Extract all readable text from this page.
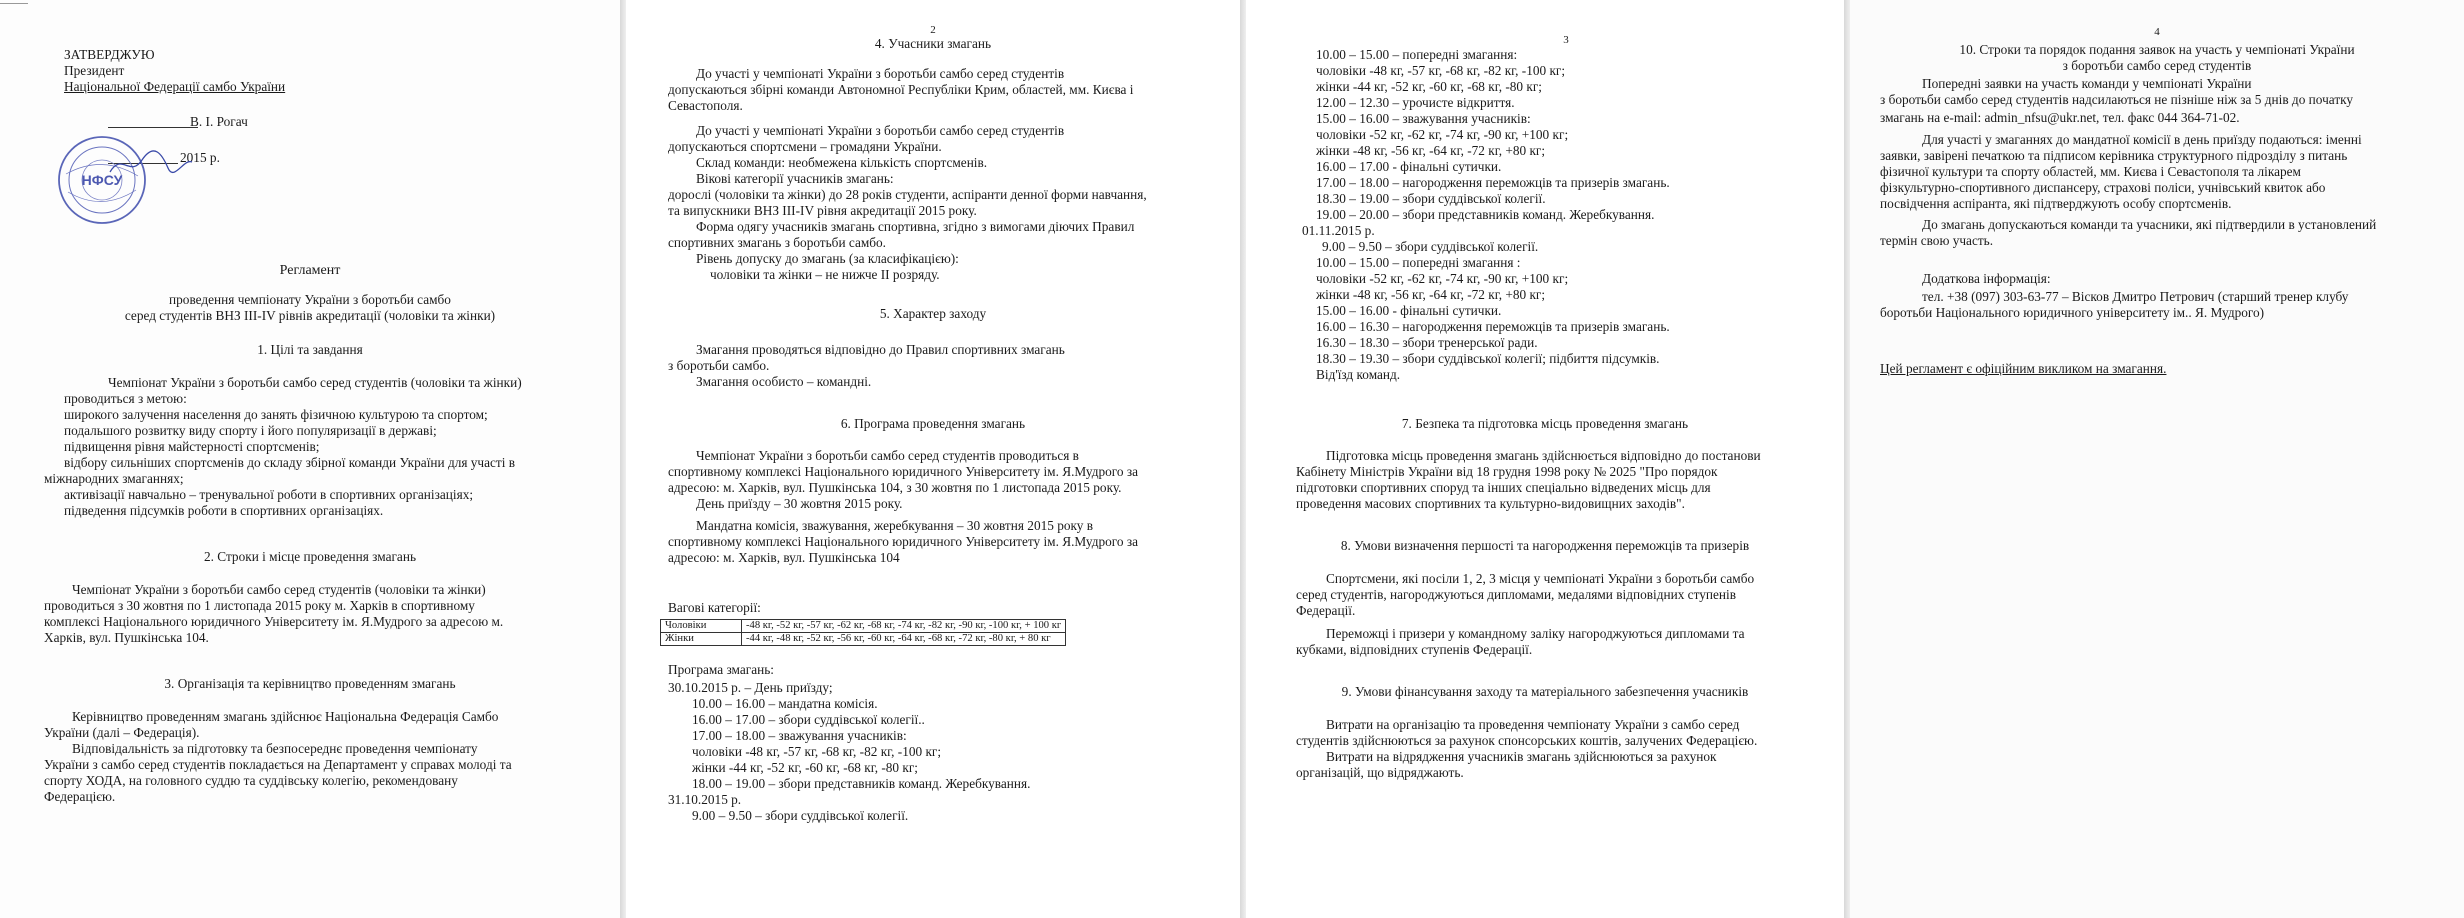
ЗАТВЕРДЖУЮ
Президент
Національної Федерації самбо України
В. І. Рогач
2015 р.
НФСУ
Регламент
проведення чемпіонату України з боротьби самбо
серед студентів ВНЗ ІІІ-IV рівнів акредитації (чоловіки та жінки)
1. Цілі та завдання
Чемпіонат України з боротьби самбо серед студентів (чоловіки та жінки)
проводиться з метою:
широкого залучення населення до занять фізичною культурою та спортом;
подальшого розвитку виду спорту і його популяризації в державі;
підвищення рівня майстерності спортсменів;
відбору сильніших спортсменів до складу збірної команди України для участі в
міжнародних змаганнях;
активізації навчально – тренувальної роботи в спортивних організаціях;
підведення підсумків роботи в спортивних організаціях.
2. Строки і місце проведення змагань
Чемпіонат України з боротьби самбо серед студентів (чоловіки та жінки)
проводиться з 30 жовтня по 1 листопада 2015 року м. Харків в спортивному
комплексі Національного юридичного Університету ім. Я.Мудрого за адресою м.
Харків, вул. Пушкінська 104.
3. Організація та керівництво проведенням змагань
Керівництво проведенням змагань здійснює Національна Федерація Самбо
України (далі – Федерація).
Відповідальність за підготовку та безпосереднє проведення чемпіонату
України з самбо серед студентів покладається на Департамент у справах молоді та
спорту ХОДА, на головного суддю та суддівську колегію, рекомендовану
Федерацією.
2
4. Учасники змагань
До участі у чемпіонаті України з боротьби самбо серед студентів
допускаються збірні команди Автономної Республіки Крим, областей, мм. Києва і
Севастополя.
До участі у чемпіонаті України з боротьби самбо серед студентів
допускаються спортсмени – громадяни України.
Склад команди: необмежена кількість спортсменів.
Вікові категорії учасників змагань:
дорослі (чоловіки та жінки) до 28 років студенти, аспіранти денної форми навчання,
та випускники ВНЗ ІІІ-IV рівня акредитації 2015 року.
Форма одягу учасників змагань спортивна, згідно з вимогами діючих Правил
спортивних змагань з боротьби самбо.
Рівень допуску до змагань (за класифікацією):
чоловіки та жінки – не нижче ІІ розряду.
5. Характер заходу
Змагання проводяться відповідно до Правил спортивних змагань
з боротьби самбо.
Змагання особисто – командні.
6. Програма проведення змагань
Чемпіонат України з боротьби самбо серед студентів проводиться в
спортивному комплексі Національного юридичного Університету ім. Я.Мудрого за
адресою: м. Харків, вул. Пушкінська 104, з 30 жовтня по 1 листопада 2015 року.
День приїзду – 30 жовтня 2015 року.
Мандатна комісія, зважування, жеребкування – 30 жовтня 2015 року в
спортивному комплексі Національного юридичного Університету ім. Я.Мудрого за
адресою: м. Харків, вул. Пушкінська 104
Вагові категорії:
Програма змагань:
30.10.2015 р. – День приїзду;
10.00 – 16.00 – мандатна комісія.
16.00 – 17.00 – збори суддівської колегії..
17.00 – 18.00 – зважування учасників:
чоловіки -48 кг, -57 кг, -68 кг, -82 кг, -100 кг;
жінки -44 кг, -52 кг, -60 кг, -68 кг, -80 кг;
18.00 – 19.00 – збори представників команд. Жеребкування.
31.10.2015 р.
9.00 – 9.50 – збори суддівської колегії.
Чоловіки	-48 кг, -52 кг, -57 кг, -62 кг, -68 кг, -74 кг, -82 кг, -90 кг, -100 кг, + 100 кг
Жінки	-44 кг, -48 кг, -52 кг, -56 кг, -60 кг, -64 кг, -68 кг, -72 кг, -80 кг, + 80 кг
3
10.00 – 15.00 – попередні змагання:
чоловіки -48 кг, -57 кг, -68 кг, -82 кг, -100 кг;
жінки -44 кг, -52 кг, -60 кг, -68 кг, -80 кг;
12.00 – 12.30 – урочисте відкриття.
15.00 – 16.00 – зважування учасників:
чоловіки -52 кг, -62 кг, -74 кг, -90 кг, +100 кг;
жінки -48 кг, -56 кг, -64 кг, -72 кг, +80 кг;
16.00 – 17.00 - фінальні сутички.
17.00 – 18.00 – нагородження переможців та призерів змагань.
18.30 – 19.00 – збори суддівської колегії.
19.00 – 20.00 – збори представників команд. Жеребкування.
01.11.2015 р.
9.00 – 9.50 – збори суддівської колегії.
10.00 – 15.00 – попередні змагання :
чоловіки -52 кг, -62 кг, -74 кг, -90 кг, +100 кг;
жінки -48 кг, -56 кг, -64 кг, -72 кг, +80 кг;
15.00 – 16.00 - фінальні сутички.
16.00 – 16.30 – нагородження переможців та призерів змагань.
16.30 – 18.30 – збори тренерської ради.
18.30 – 19.30 – збори суддівської колегії; підбиття підсумків.
Від'їзд команд.
7. Безпека та підготовка місць проведення змагань
Підготовка місць проведення змагань здійснюється відповідно до постанови
Кабінету Міністрів України від 18 грудня 1998 року № 2025 "Про порядок
підготовки спортивних споруд та інших спеціально відведених місць для
проведення масових спортивних та культурно-видовищних заходів".
8. Умови визначення першості та нагородження переможців та призерів
Спортсмени, які посіли 1, 2, 3 місця у чемпіонаті України з боротьби самбо
серед студентів, нагороджуються дипломами, медалями відповідних ступенів
Федерації.
Переможці і призери у командному заліку нагороджуються дипломами та
кубками, відповідних ступенів Федерації.
9. Умови фінансування заходу та матеріального забезпечення учасників
Витрати на організацію та проведення чемпіонату України з самбо серед
студентів здійснюються за рахунок спонсорських коштів, залучених Федерацією.
Витрати на відрядження учасників змагань здійснюються за рахунок
організацій, що відряджають.
4
10. Строки та порядок подання заявок на участь у чемпіонаті України
з боротьби самбо серед студентів
Попередні заявки на участь команди у чемпіонаті України
з боротьби самбо серед студентів надсилаються не пізніше ніж за 5 днів до початку
змагань на e-mail: admin_nfsu@ukr.net, тел. факс 044 364-71-02.
Для участі у змаганнях до мандатної комісії в день приїзду подаються: іменні
заявки, завірені печаткою та підписом керівника структурного підрозділу з питань
фізичної культури та спорту областей, мм. Києва і Севастополя та лікарем
фізкультурно-спортивного диспансеру, страхові поліси, учнівський квиток або
посвідчення аспіранта, які підтверджують особу спортсменів.
До змагань допускаються команди та учасники, які підтвердили в установлений
термін свою участь.
Додаткова інформація:
тел. +38 (097) 303-63-77 – Вісков Дмитро Петрович (старший тренер клубу
боротьби Національного юридичного університету ім.. Я. Мудрого)
Цей регламент є офіційним викликом на змагання.
